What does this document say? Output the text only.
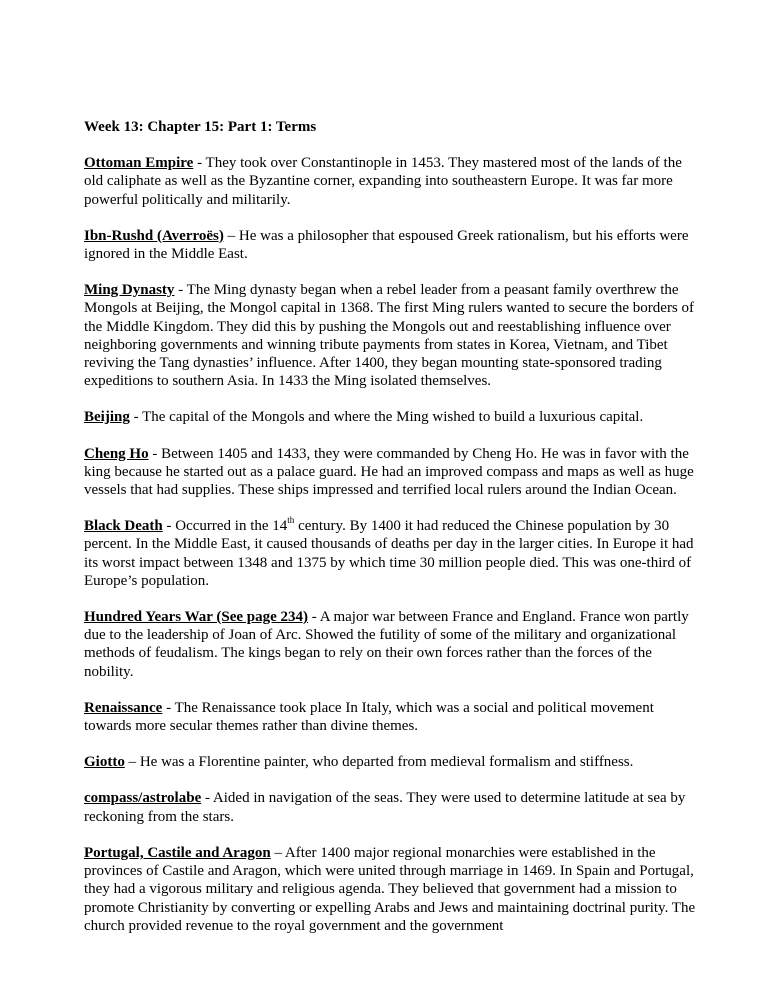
Week 13: Chapter 15: Part 1: Terms

Ottoman Empire - They took over Constantinople in 1453. They mastered most of the lands of the old caliphate as well as the Byzantine corner, expanding into southeastern Europe. It was far more powerful politically and militarily.

Ibn-Rushd (Averroës) – He was a philosopher that espoused Greek rationalism, but his efforts were ignored in the Middle East.

Ming Dynasty - The Ming dynasty began when a rebel leader from a peasant family overthrew the Mongols at Beijing, the Mongol capital in 1368. The first Ming rulers wanted to secure the borders of the Middle Kingdom. They did this by pushing the Mongols out and reestablishing influence over neighboring governments and winning tribute payments from states in Korea, Vietnam, and Tibet reviving the Tang dynasties’ influence. After 1400, they began mounting state-sponsored trading expeditions to southern Asia. In 1433 the Ming isolated themselves.

Beijing - The capital of the Mongols and where the Ming wished to build a luxurious capital.

Cheng Ho - Between 1405 and 1433, they were commanded by Cheng Ho. He was in favor with the king because he started out as a palace guard. He had an improved compass and maps as well as huge vessels that had supplies. These ships impressed and terrified local rulers around the Indian Ocean.

Black Death - Occurred in the 14th century. By 1400 it had reduced the Chinese population by 30 percent. In the Middle East, it caused thousands of deaths per day in the larger cities. In Europe it had its worst impact between 1348 and 1375 by which time 30 million people died. This was one-third of Europe’s population.

Hundred Years War (See page 234) - A major war between France and England. France won partly due to the leadership of Joan of Arc. Showed the futility of some of the military and organizational methods of feudalism. The kings began to rely on their own forces rather than the forces of the nobility.

Renaissance - The Renaissance took place In Italy, which was a social and political movement towards more secular themes rather than divine themes.

Giotto – He was a Florentine painter, who departed from medieval formalism and stiffness.

compass/astrolabe - Aided in navigation of the seas. They were used to determine latitude at sea by reckoning from the stars.

Portugal, Castile and Aragon – After 1400 major regional monarchies were established in the provinces of Castile and Aragon, which were united through marriage in 1469. In Spain and Portugal, they had a vigorous military and religious agenda. They believed that government had a mission to promote Christianity by converting or expelling Arabs and Jews and maintaining doctrinal purity. The church provided revenue to the royal government and the government
